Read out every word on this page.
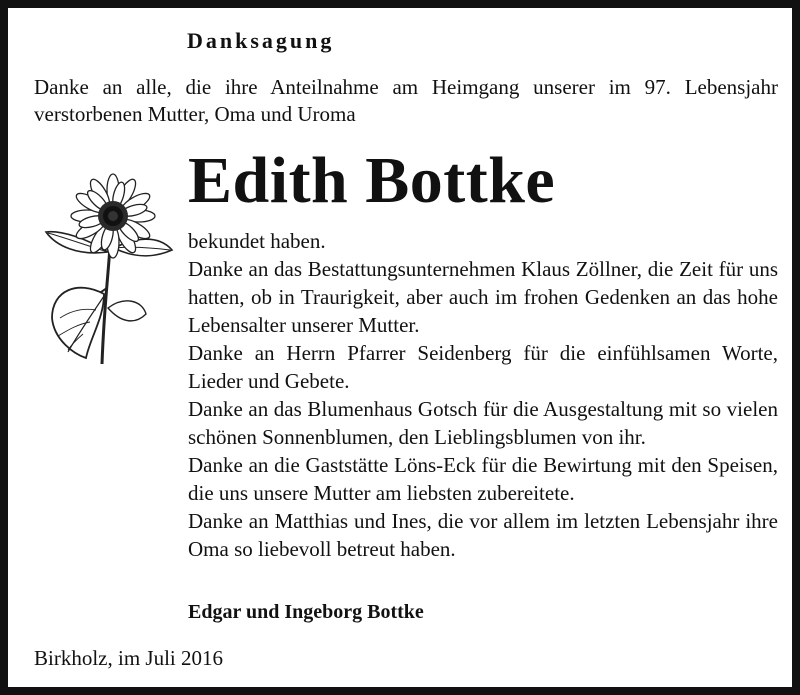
Danksagung

Danke an alle, die ihre Anteilnahme am Heimgang unserer im 97. Lebensjahr verstorbenen Mutter, Oma und Uroma

Edith Bottke

bekundet haben.

Danke an das Bestattungsunternehmen Klaus Zöllner, die Zeit für uns hatten, ob in Traurigkeit, aber auch im frohen Gedenken an das hohe Lebensalter unserer Mutter.

Danke an Herrn Pfarrer Seidenberg für die einfühlsamen Worte, Lieder und Gebete.

Danke an das Blumenhaus Gotsch für die Ausgestaltung mit so vielen schönen Sonnenblumen, den Lieblingsblumen von ihr.

Danke an die Gaststätte Löns-Eck für die Bewirtung mit den Speisen, die uns unsere Mutter am liebsten zubereitete.

Danke an Matthias und Ines, die vor allem im letzten Lebensjahr ihre Oma so liebevoll betreut haben.

Edgar und Ingeborg Bottke

Birkholz, im Juli 2016
